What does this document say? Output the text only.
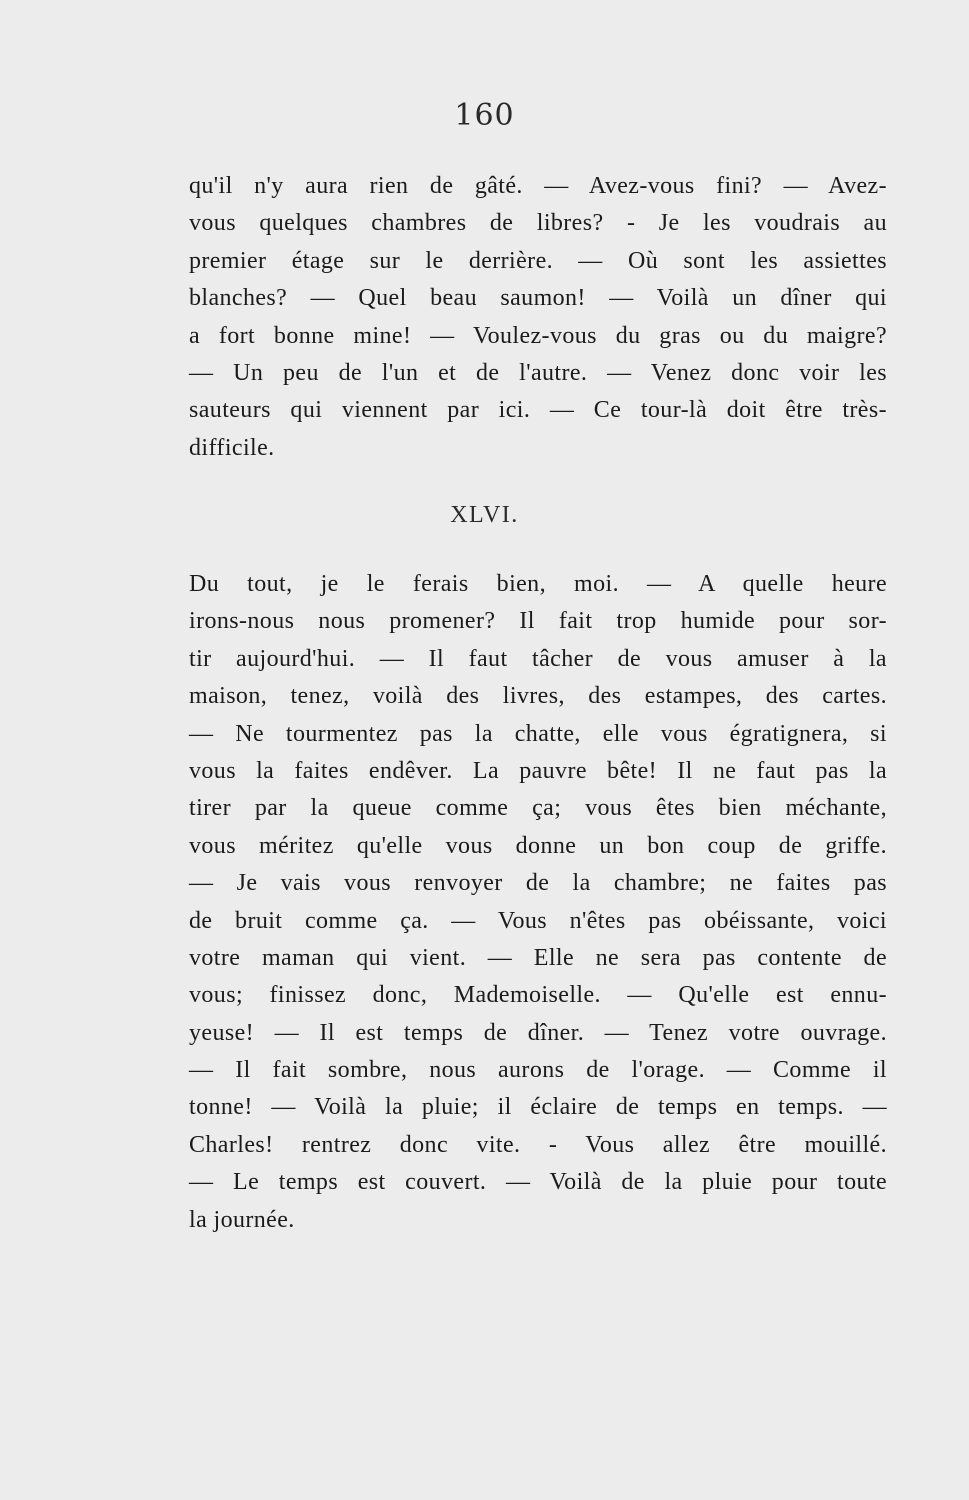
160
qu'il n'y aura rien de gâté. — Avez-vous fini? — Avez-
vous quelques chambres de libres? - Je les voudrais au
premier étage sur le derrière. — Où sont les assiettes
blanches? — Quel beau saumon! — Voilà un dîner qui
a fort bonne mine! — Voulez-vous du gras ou du maigre?
— Un peu de l'un et de l'autre. — Venez donc voir les
sauteurs qui viennent par ici. — Ce tour-là doit être très-
difficile.
XLVI.
Du tout, je le ferais bien, moi. — A quelle heure
irons-nous nous promener? Il fait trop humide pour sor-
tir aujourd'hui. — Il faut tâcher de vous amuser à la
maison, tenez, voilà des livres, des estampes, des cartes.
— Ne tourmentez pas la chatte, elle vous égratignera, si
vous la faites endêver. La pauvre bête! Il ne faut pas la
tirer par la queue comme ça; vous êtes bien méchante,
vous méritez qu'elle vous donne un bon coup de griffe.
— Je vais vous renvoyer de la chambre; ne faites pas
de bruit comme ça. — Vous n'êtes pas obéissante, voici
votre maman qui vient. — Elle ne sera pas contente de
vous; finissez donc, Mademoiselle. — Qu'elle est ennu-
yeuse! — Il est temps de dîner. — Tenez votre ouvrage.
— Il fait sombre, nous aurons de l'orage. — Comme il
tonne! — Voilà la pluie; il éclaire de temps en temps. —
Charles! rentrez donc vite. - Vous allez être mouillé.
— Le temps est couvert. — Voilà de la pluie pour toute
la journée.
